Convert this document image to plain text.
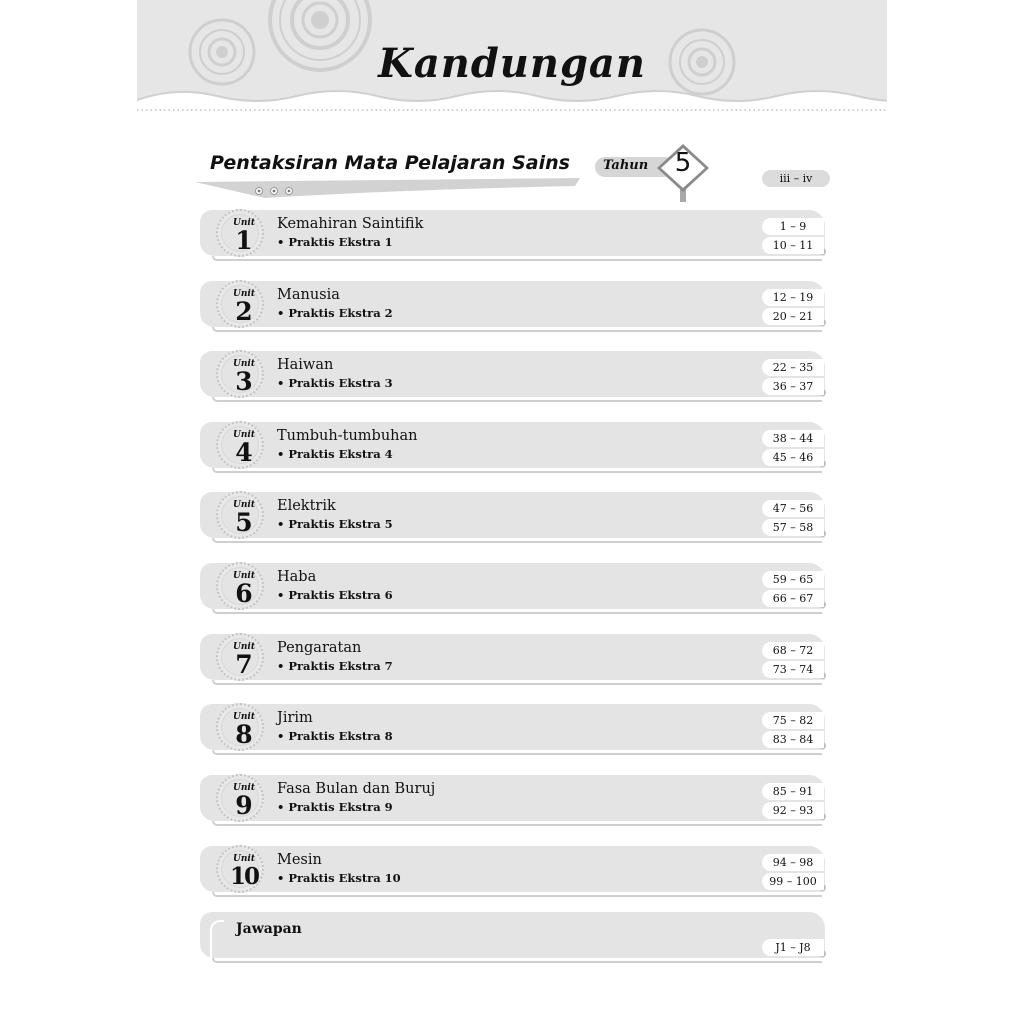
Kandungan
Pentaksiran Mata Pelajaran Sains	Tahun 5
iii – iv
Unit
1
Kemahiran Saintifik
• Praktis Ekstra 1
1 – 9
10 – 11
Unit
2
Manusia
• Praktis Ekstra 2
12 – 19
20 – 21
Unit
3
Haiwan
• Praktis Ekstra 3
22 – 35
36 – 37
Unit
4
Tumbuh-tumbuhan
• Praktis Ekstra 4
38 – 44
45 – 46
Unit
5
Elektrik
• Praktis Ekstra 5
47 – 56
57 – 58
Unit
6
Haba
• Praktis Ekstra 6
59 – 65
66 – 67
Unit
7
Pengaratan
• Praktis Ekstra 7
68 – 72
73 – 74
Unit
8
Jirim
• Praktis Ekstra 8
75 – 82
83 – 84
Unit
9
Fasa Bulan dan Buruj
• Praktis Ekstra 9
85 – 91
92 – 93
Unit
10
Mesin
• Praktis Ekstra 10
94 – 98
99 – 100
Jawapan
J1 – J8
